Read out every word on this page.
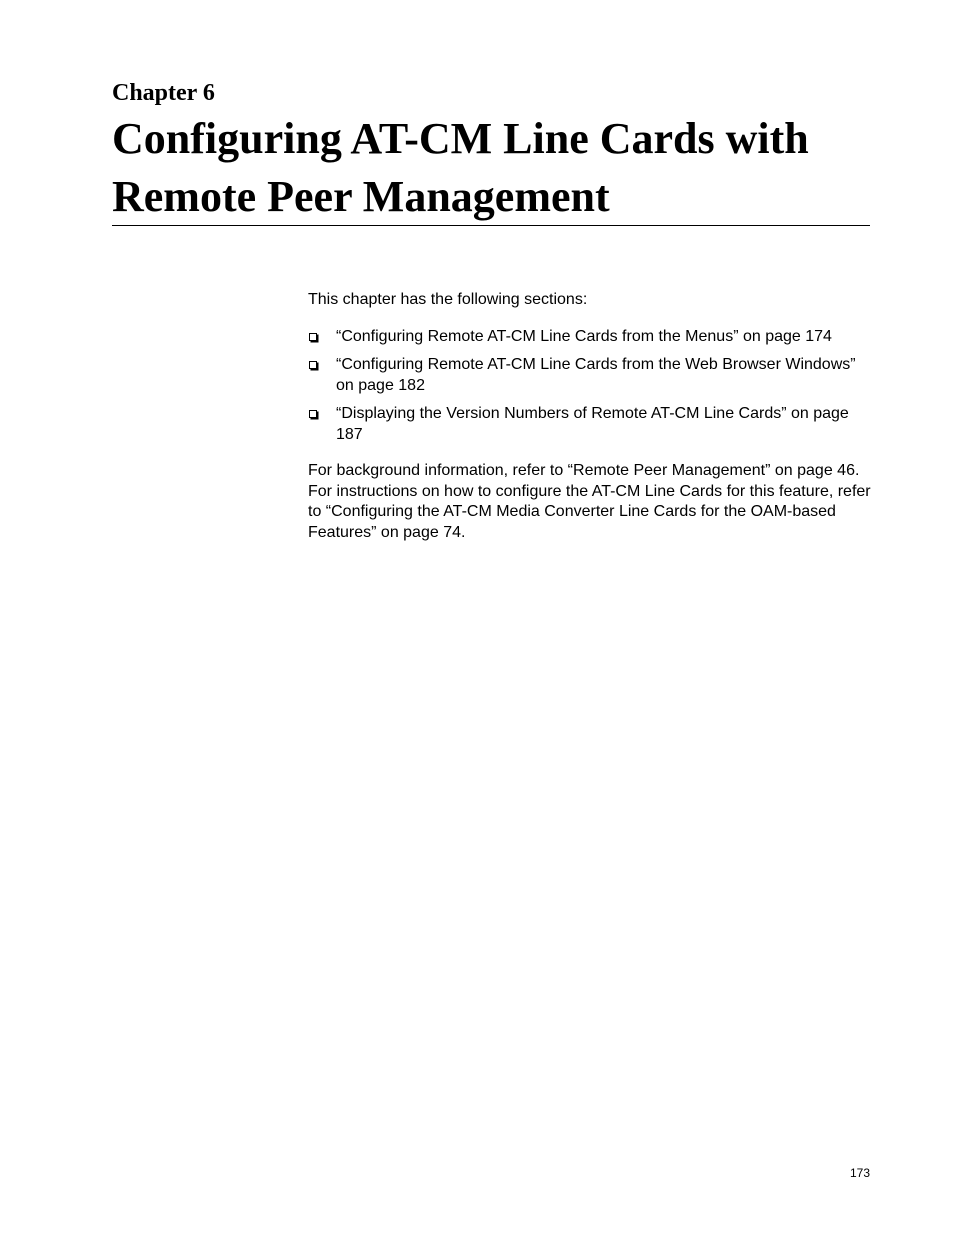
Chapter 6
Configuring AT-CM Line Cards with
Remote Peer Management

This chapter has the following sections:

“Configuring Remote AT-CM Line Cards from the Menus” on page 174
“Configuring Remote AT-CM Line Cards from the Web Browser Windows” on page 182
“Displaying the Version Numbers of Remote AT-CM Line Cards” on page 187

For background information, refer to “Remote Peer Management” on page 46. For instructions on how to configure the AT-CM Line Cards for this feature, refer to “Configuring the AT-CM Media Converter Line Cards for the OAM-based Features” on page 74.

173
